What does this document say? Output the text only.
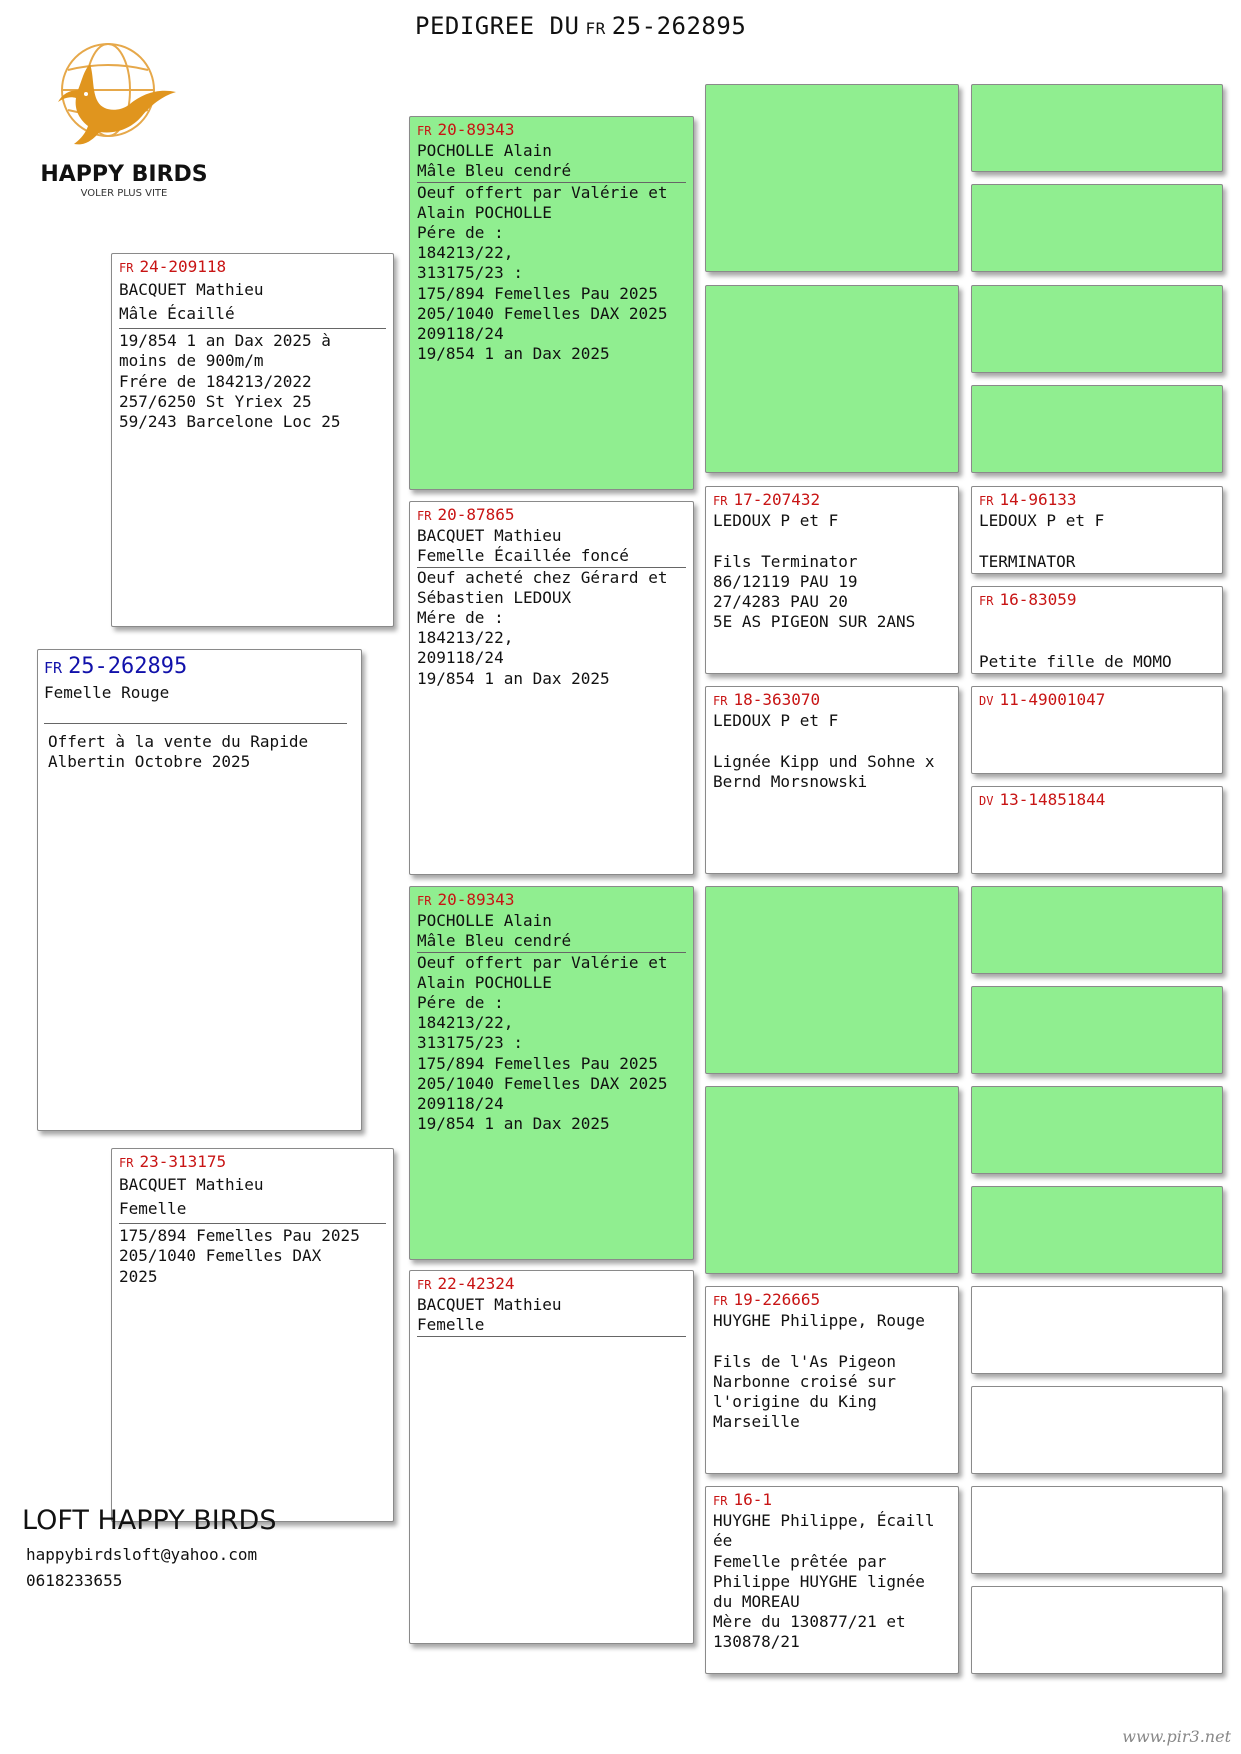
PEDIGREE DU FR 25-262895
HAPPY BIRDS
VOLER PLUS VITE
FR 25-262895
Femelle Rouge
Offert à la vente du Rapide
Albertin Octobre 2025
FR 24-209118
BACQUET Mathieu
Mâle Écaillé
19/854 1 an Dax 2025 à
moins de 900m/m
Frére de 184213/2022
257/6250 St Yriex 25
59/243 Barcelone Loc 25
FR 23-313175
BACQUET Mathieu
Femelle
175/894 Femelles Pau 2025
205/1040 Femelles DAX
2025
FR 20-89343
POCHOLLE Alain
Mâle Bleu cendré
Oeuf offert par Valérie et
Alain POCHOLLE
Pére de :
184213/22,
313175/23 :
175/894 Femelles Pau 2025
205/1040 Femelles DAX 2025
209118/24
19/854 1 an Dax 2025
FR 20-87865
BACQUET Mathieu
Femelle Écaillée foncé
Oeuf acheté chez Gérard et
Sébastien LEDOUX
Mére de :
184213/22,
209118/24
19/854 1 an Dax 2025
FR 20-89343
POCHOLLE Alain
Mâle Bleu cendré
Oeuf offert par Valérie et
Alain POCHOLLE
Pére de :
184213/22,
313175/23 :
175/894 Femelles Pau 2025
205/1040 Femelles DAX 2025
209118/24
19/854 1 an Dax 2025
FR 22-42324
BACQUET Mathieu
Femelle
FR 17-207432
LEDOUX P et F

Fils Terminator
86/12119 PAU 19
27/4283 PAU 20
5E AS PIGEON SUR 2ANS
FR 18-363070
LEDOUX P et F

Lignée Kipp und Sohne x
Bernd Morsnowski
FR 19-226665
HUYGHE Philippe, Rouge

Fils de l'As Pigeon
Narbonne croisé sur
l'origine du King
Marseille
FR 16-1
HUYGHE Philippe, Écaill
ée
Femelle prêtée par
Philippe HUYGHE lignée
du MOREAU
Mère du 130877/21 et
130878/21
FR 14-96133
LEDOUX P et F

TERMINATOR
FR 16-83059

Petite fille de MOMO
DV 11-49001047
DV 13-14851844
LOFT HAPPY BIRDS
happybirdsloft@yahoo.com
0618233655
www.pir3.net
